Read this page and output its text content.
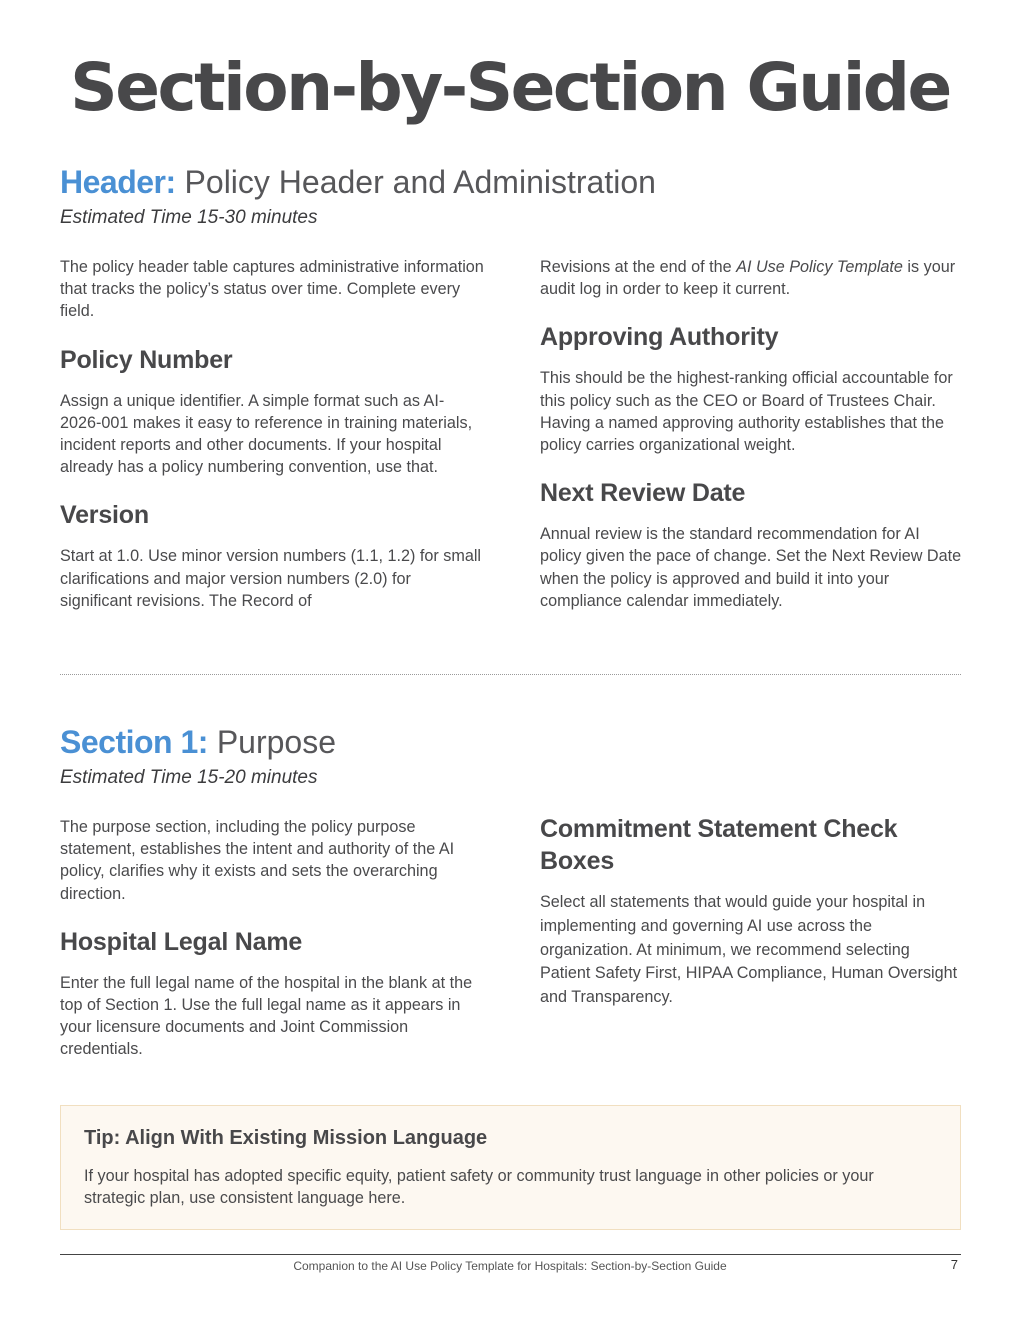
Section-by-Section Guide
Header: Policy Header and Administration
Estimated Time 15-30 minutes

The policy header table captures administrative information that tracks the policy’s status over time. Complete every field.

Policy Number

Assign a unique identifier. A simple format such as AI-2026-001 makes it easy to reference in training materials, incident reports and other documents. If your hospital already has a policy numbering convention, use that.

Version

Start at 1.0. Use minor version numbers (1.1, 1.2) for small clarifications and major version numbers (2.0) for significant revisions. The Record of

Revisions at the end of the AI Use Policy Template is your audit log in order to keep it current.

Approving Authority

This should be the highest-ranking official accountable for this policy such as the CEO or Board of Trustees Chair. Having a named approving authority establishes that the policy carries organizational weight.

Next Review Date

Annual review is the standard recommendation for AI policy given the pace of change. Set the Next Review Date when the policy is approved and build it into your compliance calendar immediately.

Section 1: Purpose
Estimated Time 15-20 minutes

The purpose section, including the policy purpose statement, establishes the intent and authority of the AI policy, clarifies why it exists and sets the overarching direction.

Hospital Legal Name

Enter the full legal name of the hospital in the blank at the top of Section 1. Use the full legal name as it appears in your licensure documents and Joint Commission credentials.

Commitment Statement Check Boxes

Select all statements that would guide your hospital in implementing and governing AI use across the organization. At minimum, we recommend selecting Patient Safety First, HIPAA Compliance, Human Oversight and Transparency.

Tip: Align With Existing Mission Language

If your hospital has adopted specific equity, patient safety or community trust language in other policies or your strategic plan, use consistent language here.

Companion to the AI Use Policy Template for Hospitals: Section-by-Section Guide	7
